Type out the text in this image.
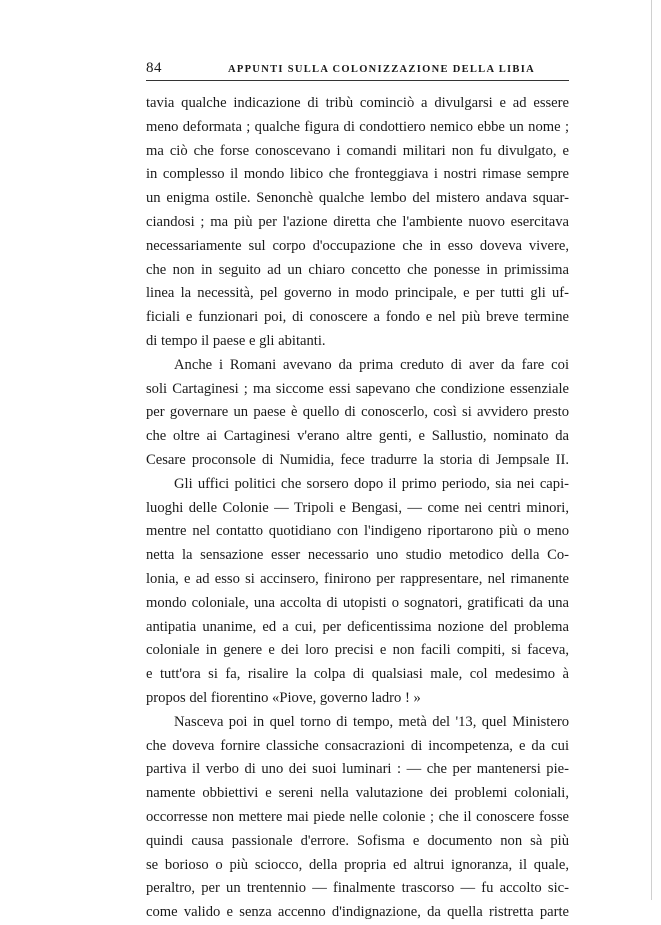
84	APPUNTI SULLA COLONIZZAZIONE DELLA LIBIA
tavia qualche indicazione di tribù cominciò a divulgarsi e ad essere
meno deformata ; qualche figura di condottiero nemico ebbe un nome ;
ma ciò che forse conoscevano i comandi militari non fu divulgato, e
in complesso il mondo libico che fronteggiava i nostri rimase sempre
un enigma ostile. Senonchè qualche lembo del mistero andava squar-
ciandosi ; ma più per l'azione diretta che l'ambiente nuovo esercitava
necessariamente sul corpo d'occupazione che in esso doveva vivere,
che non in seguito ad un chiaro concetto che ponesse in primissima
linea la necessità, pel governo in modo principale, e per tutti gli uf-
ficiali e funzionari poi, di conoscere a fondo e nel più breve termine
di tempo il paese e gli abitanti.
Anche i Romani avevano da prima creduto di aver da fare coi
soli Cartaginesi ; ma siccome essi sapevano che condizione essenziale
per governare un paese è quello di conoscerlo, così si avvidero presto
che oltre ai Cartaginesi v'erano altre genti, e Sallustio, nominato da
Cesare proconsole di Numidia, fece tradurre la storia di Jempsale II.
Gli uffici politici che sorsero dopo il primo periodo, sia nei capi-
luoghi delle Colonie — Tripoli e Bengasi, — come nei centri minori,
mentre nel contatto quotidiano con l'indigeno riportarono più o meno
netta la sensazione esser necessario uno studio metodico della Co-
lonia, e ad esso si accinsero, finirono per rappresentare, nel rimanente
mondo coloniale, una accolta di utopisti o sognatori, gratificati da una
antipatia unanime, ed a cui, per deficentissima nozione del problema
coloniale in genere e dei loro precisi e non facili compiti, si faceva,
e tutt'ora si fa, risalire la colpa di qualsiasi male, col medesimo à
propos del fiorentino «Piove, governo ladro ! »
Nasceva poi in quel torno di tempo, metà del '13, quel Ministero
che doveva fornire classiche consacrazioni di incompetenza, e da cui
partiva il verbo di uno dei suoi luminari : — che per mantenersi pie-
namente obbiettivi e sereni nella valutazione dei problemi coloniali,
occorresse non mettere mai piede nelle colonie ; che il conoscere fosse
quindi causa passionale d'errore. Sofisma e documento non sà più
se borioso o più sciocco, della propria ed altrui ignoranza, il quale,
peraltro, per un trentennio — finalmente trascorso — fu accolto sic-
come valido e senza accenno d'indignazione, da quella ristretta parte
